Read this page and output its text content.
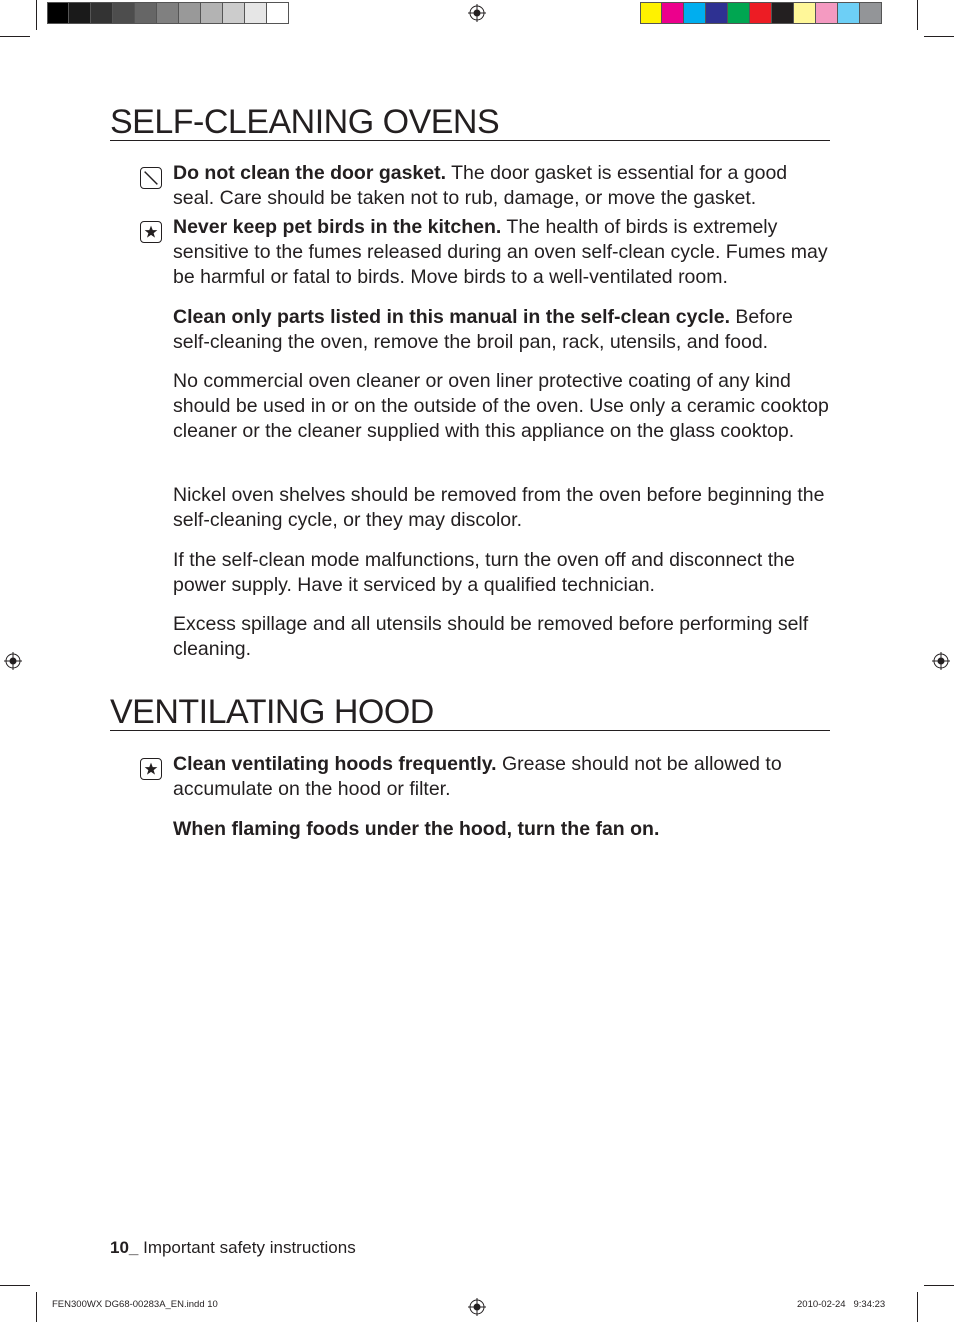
SELF-CLEANING OVENS

Do not clean the door gasket. The door gasket is essential for a good seal. Care should be taken not to rub, damage, or move the gasket.

Never keep pet birds in the kitchen. The health of birds is extremely sensitive to the fumes released during an oven self-clean cycle. Fumes may be harmful or fatal to birds. Move birds to a well-ventilated room.

Clean only parts listed in this manual in the self-clean cycle. Before self-cleaning the oven, remove the broil pan, rack, utensils, and food.

No commercial oven cleaner or oven liner protective coating of any kind should be used in or on the outside of the oven. Use only a ceramic cooktop cleaner or the cleaner supplied with this appliance on the glass cooktop.

Nickel oven shelves should be removed from the oven before beginning the self-cleaning cycle, or they may discolor.

If the self-clean mode malfunctions, turn the oven off and disconnect the power supply. Have it serviced by a qualified technician.

Excess spillage and all utensils should be removed before performing self cleaning.

VENTILATING HOOD

Clean ventilating hoods frequently. Grease should not be allowed to accumulate on the hood or filter.

When flaming foods under the hood, turn the fan on.

10_ Important safety instructions
FEN300WX DG68-00283A_EN.indd 10	2010-02-24   9:34:23
